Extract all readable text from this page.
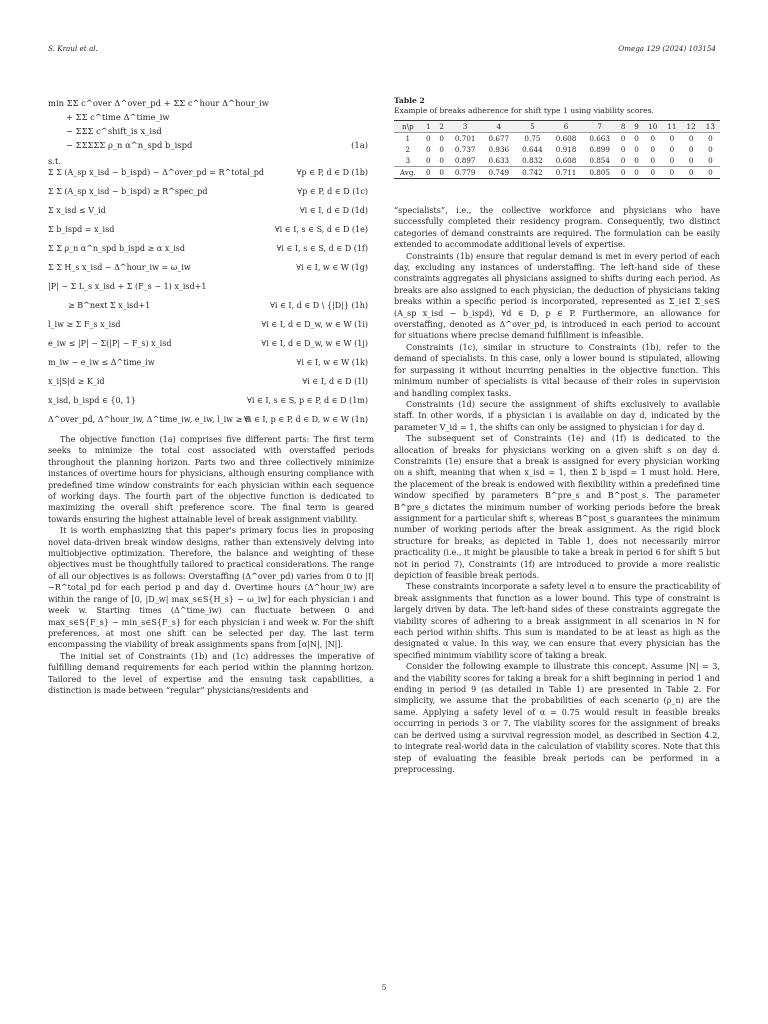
S. Kraul et al.	Omega 129 (2024) 103154
min ΣΣ c^over Δ^over_pd + ΣΣ c^hour Δ^hour_iw
+ ΣΣ c^time Δ^time_iw
− ΣΣΣ c^shift_is x_isd
− ΣΣΣΣΣ ρ_n α^n_spd b_ispd	(1a)
s.t.
Σ Σ (A_sp x_isd − b_ispd) − Δ^over_pd = R^total_pd	∀p ∈ P, d ∈ D (1b)
Σ Σ (A_sp x_isd − b_ispd) ≥ R^spec_pd	∀p ∈ P, d ∈ D (1c)
Σ x_isd ≤ V_id	∀i ∈ I, d ∈ D (1d)
Σ b_ispd = x_isd	∀i ∈ I, s ∈ S, d ∈ D (1e)
Σ Σ ρ_n α^n_spd b_ispd ≥ α x_isd	∀i ∈ I, s ∈ S, d ∈ D (1f)
Σ Σ H_s x_isd − Δ^hour_iw = ω_iw	∀i ∈ I, w ∈ W (1g)
|P| − Σ L_s x_isd + Σ (F_s − 1) x_isd+1
≥ B^next Σ x_isd+1	∀i ∈ I, d ∈ D \ {|D|} (1h)
l_iw ≥ Σ F_s x_isd	∀i ∈ I, d ∈ D_w, w ∈ W (1i)
e_iw ≤ |P| − Σ(|P| − F_s) x_isd	∀i ∈ I, d ∈ D_w, w ∈ W (1j)
m_iw − e_iw ≤ Δ^time_iw	∀i ∈ I, w ∈ W (1k)
x_i|S|d ≥ K_id	∀i ∈ I, d ∈ D (1l)
x_isd, b_ispd ∈ {0, 1}	∀i ∈ I, s ∈ S, p ∈ P, d ∈ D (1m)
Δ^over_pd, Δ^hour_iw, Δ^time_iw, e_iw, l_iw ≥ 0
∀i ∈ I, p ∈ P, d ∈ D, w ∈ W (1n)

The objective function (1a) comprises five different parts: The first term seeks to minimize the total cost associated with overstaffed periods throughout the planning horizon. Parts two and three collectively minimize instances of overtime hours for physicians, although ensuring compliance with predefined time window constraints for each physician within each sequence of working days. The fourth part of the objective function is dedicated to maximizing the overall shift preference score. The final term is geared towards ensuring the highest attainable level of break assignment viability.

It is worth emphasizing that this paper's primary focus lies in proposing novel data-driven break window designs, rather than extensively delving into multiobjective optimization. Therefore, the balance and weighting of these objectives must be thoughtfully tailored to practical considerations. The range of all our objectives is as follows: Overstaffing (Δ^over_pd) varies from 0 to |I|−R^total_pd for each period p and day d. Overtime hours (Δ^hour_iw) are within the range of [0, |D_w| max_s∈S{H_s} − ω_iw] for each physician i and week w. Starting times (Δ^time_iw) can fluctuate between 0 and max_s∈S{F_s} − min_s∈S{F_s} for each physician i and week w. For the shift preferences, at most one shift can be selected per day. The last term encompassing the viability of break assignments spans from [α|N|, |N|].

The initial set of Constraints (1b) and (1c) addresses the imperative of fulfilling demand requirements for each period within the planning horizon. Tailored to the level of expertise and the ensuing task capabilities, a distinction is made between “regular” physicians/residents and

Table 2
Example of breaks adherence for shift type 1 using viability scores.
n\p	1	2	3	4	5	6	7	8	9	10	11	12	13
1	0	0	0.701	0.677	0.75	0.608	0.663	0	0	0	0	0	0
2	0	0	0.737	0.936	0.644	0.918	0.899	0	0	0	0	0	0
3	0	0	0.897	0.633	0.832	0.608	0.854	0	0	0	0	0	0
Avg.	0	0	0.779	0.749	0.742	0.711	0.805	0	0	0	0	0	0

“specialists”, i.e., the collective workforce and physicians who have successfully completed their residency program. Consequently, two distinct categories of demand constraints are required. The formulation can be easily extended to accommodate additional levels of expertise.

Constraints (1b) ensure that regular demand is met in every period of each day, excluding any instances of understaffing. The left-hand side of these constraints aggregates all physicians assigned to shifts during each period. As breaks are also assigned to each physician, the deduction of physicians taking breaks within a specific period is incorporated, represented as Σ_i∈I Σ_s∈S (A_sp x_isd − b_ispd), ∀d ∈ D, p ∈ P. Furthermore, an allowance for overstaffing, denoted as Δ^over_pd, is introduced in each period to account for situations where precise demand fulfillment is infeasible.

Constraints (1c), similar in structure to Constraints (1b), refer to the demand of specialists. In this case, only a lower bound is stipulated, allowing for surpassing it without incurring penalties in the objective function. This minimum number of specialists is vital because of their roles in supervision and handling complex tasks.

Constraints (1d) secure the assignment of shifts exclusively to available staff. In other words, if a physician i is available on day d, indicated by the parameter V_id = 1, the shifts can only be assigned to physician i for day d.

The subsequent set of Constraints (1e) and (1f) is dedicated to the allocation of breaks for physicians working on a given shift s on day d. Constraints (1e) ensure that a break is assigned for every physician working on a shift, meaning that when x_isd = 1, then Σ b_ispd = 1 must hold. Here, the placement of the break is endowed with flexibility within a predefined time window specified by parameters B^pre_s and B^post_s. The parameter B^pre_s dictates the minimum number of working periods before the break assignment for a particular shift s, whereas B^post_s guarantees the minimum number of working periods after the break assignment. As the rigid block structure for breaks, as depicted in Table 1, does not necessarily mirror practicality (i.e., it might be plausible to take a break in period 6 for shift 5 but not in period 7), Constraints (1f) are introduced to provide a more realistic depiction of feasible break periods.

These constraints incorporate a safety level α to ensure the practicability of break assignments that function as a lower bound. This type of constraint is largely driven by data. The left-hand sides of these constraints aggregate the viability scores of adhering to a break assignment in all scenarios in N for each period within shifts. This sum is mandated to be at least as high as the designated α value. In this way, we can ensure that every physician has the specified minimum viability score of taking a break.

Consider the following example to illustrate this concept. Assume |N| = 3, and the viability scores for taking a break for a shift beginning in period 1 and ending in period 9 (as detailed in Table 1) are presented in Table 2. For simplicity, we assume that the probabilities of each scenario (ρ_n) are the same. Applying a safety level of α = 0.75 would result in feasible breaks occurring in periods 3 or 7. The viability scores for the assignment of breaks can be derived using a survival regression model, as described in Section 4.2, to integrate real-world data in the calculation of viability scores. Note that this step of evaluating the feasible break periods can be performed in a preprocessing.

5
